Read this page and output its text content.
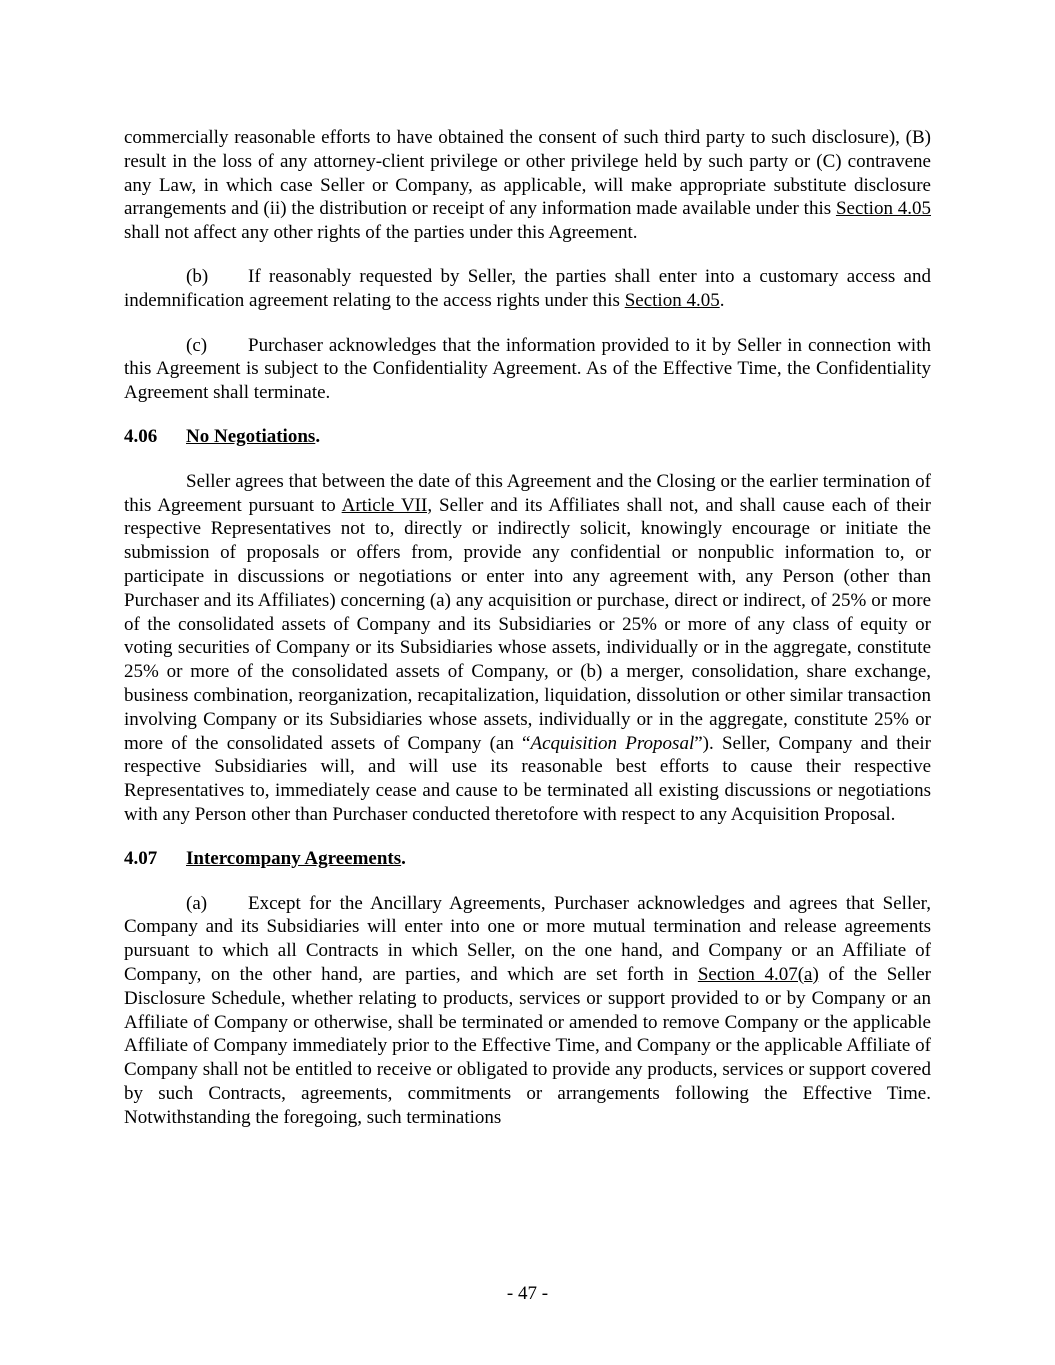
commercially reasonable efforts to have obtained the consent of such third party to such disclosure), (B) result in the loss of any attorney-client privilege or other privilege held by such party or (C) contravene any Law, in which case Seller or Company, as applicable, will make appropriate substitute disclosure arrangements and (ii) the distribution or receipt of any information made available under this Section 4.05 shall not affect any other rights of the parties under this Agreement.

(b) If reasonably requested by Seller, the parties shall enter into a customary access and indemnification agreement relating to the access rights under this Section 4.05.

(c) Purchaser acknowledges that the information provided to it by Seller in connection with this Agreement is subject to the Confidentiality Agreement. As of the Effective Time, the Confidentiality Agreement shall terminate.

4.06 No Negotiations.

Seller agrees that between the date of this Agreement and the Closing or the earlier termination of this Agreement pursuant to Article VII, Seller and its Affiliates shall not, and shall cause each of their respective Representatives not to, directly or indirectly solicit, knowingly encourage or initiate the submission of proposals or offers from, provide any confidential or nonpublic information to, or participate in discussions or negotiations or enter into any agreement with, any Person (other than Purchaser and its Affiliates) concerning (a) any acquisition or purchase, direct or indirect, of 25% or more of the consolidated assets of Company and its Subsidiaries or 25% or more of any class of equity or voting securities of Company or its Subsidiaries whose assets, individually or in the aggregate, constitute 25% or more of the consolidated assets of Company, or (b) a merger, consolidation, share exchange, business combination, reorganization, recapitalization, liquidation, dissolution or other similar transaction involving Company or its Subsidiaries whose assets, individually or in the aggregate, constitute 25% or more of the consolidated assets of Company (an “Acquisition Proposal”). Seller, Company and their respective Subsidiaries will, and will use its reasonable best efforts to cause their respective Representatives to, immediately cease and cause to be terminated all existing discussions or negotiations with any Person other than Purchaser conducted theretofore with respect to any Acquisition Proposal.

4.07 Intercompany Agreements.

(a) Except for the Ancillary Agreements, Purchaser acknowledges and agrees that Seller, Company and its Subsidiaries will enter into one or more mutual termination and release agreements pursuant to which all Contracts in which Seller, on the one hand, and Company or an Affiliate of Company, on the other hand, are parties, and which are set forth in Section 4.07(a) of the Seller Disclosure Schedule, whether relating to products, services or support provided to or by Company or an Affiliate of Company or otherwise, shall be terminated or amended to remove Company or the applicable Affiliate of Company immediately prior to the Effective Time, and Company or the applicable Affiliate of Company shall not be entitled to receive or obligated to provide any products, services or support covered by such Contracts, agreements, commitments or arrangements following the Effective Time. Notwithstanding the foregoing, such terminations

- 47 -
